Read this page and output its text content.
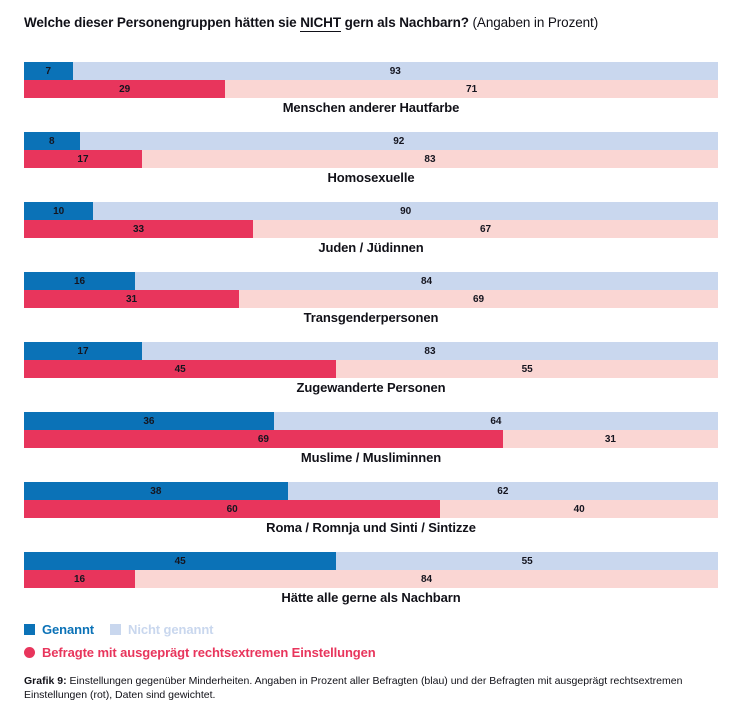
Welche dieser Personengruppen hätten sie NICHT gern als Nachbarn? (Angaben in Prozent)
7	93
29	71
Menschen anderer Hautfarbe
8	92
17	83
Homosexuelle
10	90
33	67
Juden / Jüdinnen
16	84
31	69
Transgenderpersonen
17	83
45	55
Zugewanderte Personen
36	64
69	31
Muslime / Musliminnen
38	62
60	40
Roma / Romnja und Sinti / Sintizze
45	55
16	84
Hätte alle gerne als Nachbarn
Genannt	Nicht genannt
Befragte mit ausgeprägt rechtsextremen Einstellungen
Grafik 9: Einstellungen gegenüber Minderheiten. Angaben in Prozent aller Befragten (blau) und der Befragten mit ausgeprägt rechtsextremen Einstellungen (rot), Daten sind gewichtet.
